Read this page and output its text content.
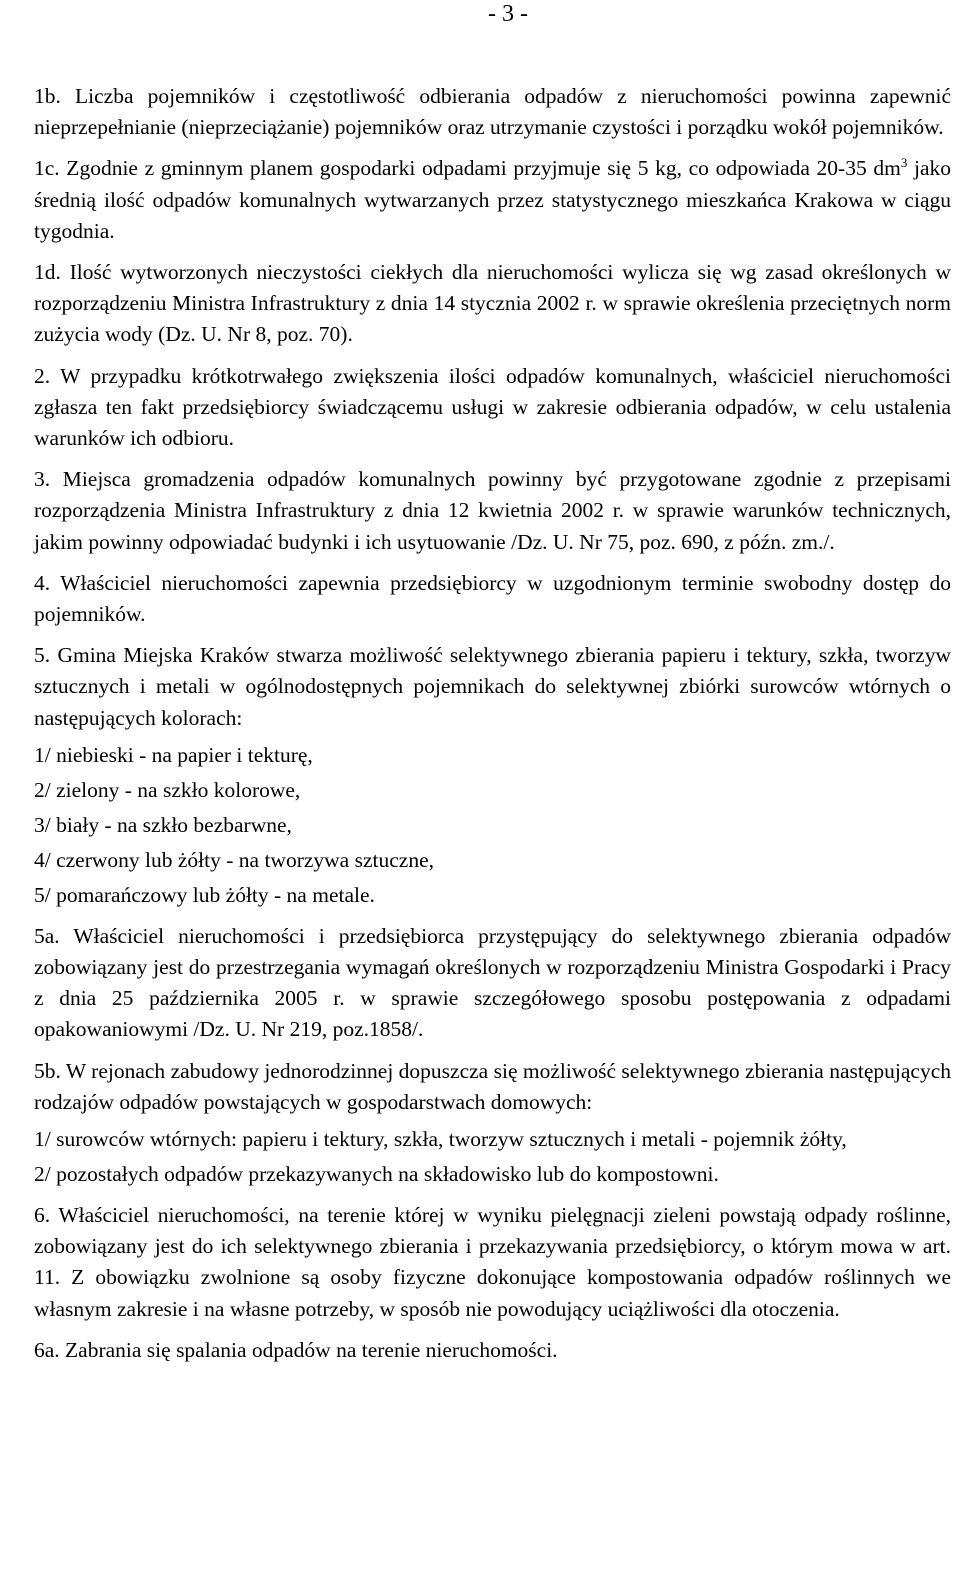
- 3 -

1b. Liczba pojemników i częstotliwość odbierania odpadów z nieruchomości powinna zapewnić nieprzepełnianie (nieprzeciążanie) pojemników oraz utrzymanie czystości i porządku wokół pojemników.

1c. Zgodnie z gminnym planem gospodarki odpadami przyjmuje się 5 kg, co odpowiada 20-35 $dm^3$ jako średnią ilość odpadów komunalnych wytwarzanych przez statystycznego mieszkańca Krakowa w ciągu tygodnia.

1d. Ilość wytworzonych nieczystości ciekłych dla nieruchomości wylicza się wg zasad określonych w rozporządzeniu Ministra Infrastruktury z dnia 14 stycznia 2002 r. w sprawie określenia przeciętnych norm zużycia wody (Dz. U. Nr 8, poz. 70).

2. W przypadku krótkotrwałego zwiększenia ilości odpadów komunalnych, właściciel nieruchomości zgłasza ten fakt przedsiębiorcy świadczącemu usługi w zakresie odbierania odpadów, w celu ustalenia warunków ich odbioru.

3. Miejsca gromadzenia odpadów komunalnych powinny być przygotowane zgodnie z przepisami rozporządzenia Ministra Infrastruktury z dnia 12 kwietnia 2002 r. w sprawie warunków technicznych, jakim powinny odpowiadać budynki i ich usytuowanie /Dz. U. Nr 75, poz. 690, z późn. zm./.

4. Właściciel nieruchomości zapewnia przedsiębiorcy w uzgodnionym terminie swobodny dostęp do pojemników.

5. Gmina Miejska Kraków stwarza możliwość selektywnego zbierania papieru i tektury, szkła, tworzyw sztucznych i metali w ogólnodostępnych pojemnikach do selektywnej zbiórki surowców wtórnych o następujących kolorach:

1/ niebieski - na papier i tekturę,

2/ zielony - na szkło kolorowe,

3/ biały - na szkło bezbarwne,

4/ czerwony lub żółty - na tworzywa sztuczne,

5/ pomarańczowy lub żółty - na metale.

5a. Właściciel nieruchomości i przedsiębiorca przystępujący do selektywnego zbierania odpadów zobowiązany jest do przestrzegania wymagań określonych w rozporządzeniu Ministra Gospodarki i Pracy z dnia 25 października 2005 r. w sprawie szczegółowego sposobu postępowania z odpadami opakowaniowymi /Dz. U. Nr 219, poz.1858/.

5b. W rejonach zabudowy jednorodzinnej dopuszcza się możliwość selektywnego zbierania następujących rodzajów odpadów powstających w gospodarstwach domowych:

1/ surowców wtórnych: papieru i tektury, szkła, tworzyw sztucznych i metali - pojemnik żółty,

2/ pozostałych odpadów przekazywanych na składowisko lub do kompostowni.

6. Właściciel nieruchomości, na terenie której w wyniku pielęgnacji zieleni powstają odpady roślinne, zobowiązany jest do ich selektywnego zbierania i przekazywania przedsiębiorcy, o którym mowa w art. 11. Z obowiązku zwolnione są osoby fizyczne dokonujące kompostowania odpadów roślinnych we własnym zakresie i na własne potrzeby, w sposób nie powodujący uciążliwości dla otoczenia.

6a. Zabrania się spalania odpadów na terenie nieruchomości.
